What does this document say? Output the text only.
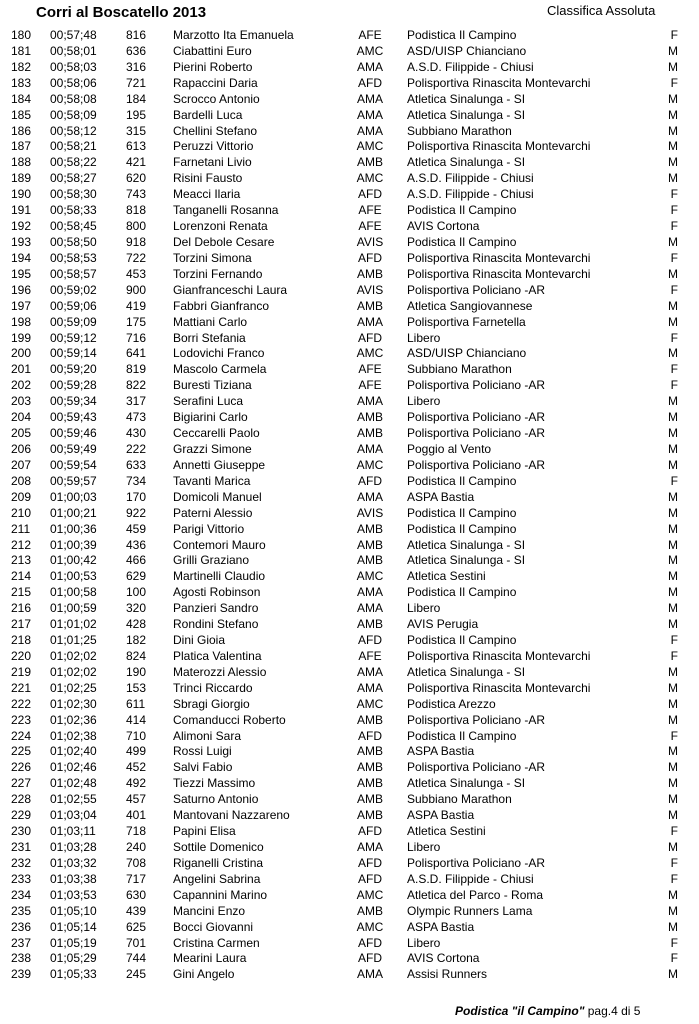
Corri al Boscatello 2013	Classifica Assoluta
180 00;57;48 816 Marzotto Ita Emanuela	AFE	Podistica Il Campino	F
181 00;58;01 636 Ciabattini Euro	AMC	ASD/UISP Chianciano	M
182 00;58;03 316 Pierini Roberto	AMA	A.S.D. Filippide - Chiusi	M
183 00;58;06 721 Rapaccini Daria	AFD	Polisportiva Rinascita Montevarchi	F
184 00;58;08 184 Scrocco Antonio	AMA	Atletica Sinalunga - SI	M
185 00;58;09 195 Bardelli Luca	AMA	Atletica Sinalunga - SI	M
186 00;58;12 315 Chellini Stefano	AMA	Subbiano Marathon	M
187 00;58;21 613 Peruzzi Vittorio	AMC	Polisportiva Rinascita Montevarchi	M
188 00;58;22 421 Farnetani Livio	AMB	Atletica Sinalunga - SI	M
189 00;58;27 620 Risini Fausto	AMC	A.S.D. Filippide - Chiusi	M
190 00;58;30 743 Meacci Ilaria	AFD	A.S.D. Filippide - Chiusi	F
191 00;58;33 818 Tanganelli Rosanna	AFE	Podistica Il Campino	F
192 00;58;45 800 Lorenzoni Renata	AFE	AVIS Cortona	F
193 00;58;50 918 Del Debole Cesare	AVIS	Podistica Il Campino	M
194 00;58;53 722 Torzini Simona	AFD	Polisportiva Rinascita Montevarchi	F
195 00;58;57 453 Torzini Fernando	AMB	Polisportiva Rinascita Montevarchi	M
196 00;59;02 900 Gianfranceschi Laura	AVIS	Polisportiva Policiano -AR	F
197 00;59;06 419 Fabbri Gianfranco	AMB	Atletica Sangiovannese	M
198 00;59;09 175 Mattiani Carlo	AMA	Polisportiva Farnetella	M
199 00;59;12 716 Borri Stefania	AFD	Libero	F
200 00;59;14 641 Lodovichi Franco	AMC	ASD/UISP Chianciano	M
201 00;59;20 819 Mascolo Carmela	AFE	Subbiano Marathon	F
202 00;59;28 822 Buresti Tiziana	AFE	Polisportiva Policiano -AR	F
203 00;59;34 317 Serafini Luca	AMA	Libero	M
204 00;59;43 473 Bigiarini Carlo	AMB	Polisportiva Policiano -AR	M
205 00;59;46 430 Ceccarelli Paolo	AMB	Polisportiva Policiano -AR	M
206 00;59;49 222 Grazzi Simone	AMA	Poggio al Vento	M
207 00;59;54 633 Annetti Giuseppe	AMC	Polisportiva Policiano -AR	M
208 00;59;57 734 Tavanti Marica	AFD	Podistica Il Campino	F
209 01;00;03 170 Domicoli Manuel	AMA	ASPA Bastia	M
210 01;00;21 922 Paterni Alessio	AVIS	Podistica Il Campino	M
211 01;00;36 459 Parigi Vittorio	AMB	Podistica Il Campino	M
212 01;00;39 436 Contemori Mauro	AMB	Atletica Sinalunga - SI	M
213 01;00;42 466 Grilli Graziano	AMB	Atletica Sinalunga - SI	M
214 01;00;53 629 Martinelli Claudio	AMC	Atletica Sestini	M
215 01;00;58 100 Agosti Robinson	AMA	Podistica Il Campino	M
216 01;00;59 320 Panzieri Sandro	AMA	Libero	M
217 01;01;02 428 Rondini Stefano	AMB	AVIS Perugia	M
218 01;01;25 182 Dini Gioia	AFD	Podistica Il Campino	F
220 01;02;02 824 Platica Valentina	AFE	Polisportiva Rinascita Montevarchi	F
219 01;02;02 190 Materozzi Alessio	AMA	Atletica Sinalunga - SI	M
221 01;02;25 153 Trinci Riccardo	AMA	Polisportiva Rinascita Montevarchi	M
222 01;02;30 611 Sbragi Giorgio	AMC	Podistica Arezzo	M
223 01;02;36 414 Comanducci Roberto	AMB	Polisportiva Policiano -AR	M
224 01;02;38 710 Alimoni Sara	AFD	Podistica Il Campino	F
225 01;02;40 499 Rossi Luigi	AMB	ASPA Bastia	M
226 01;02;46 452 Salvi Fabio	AMB	Polisportiva Policiano -AR	M
227 01;02;48 492 Tiezzi Massimo	AMB	Atletica Sinalunga - SI	M
228 01;02;55 457 Saturno Antonio	AMB	Subbiano Marathon	M
229 01;03;04 401 Mantovani Nazzareno	AMB	ASPA Bastia	M
230 01;03;11	718 Papini Elisa	AFD	Atletica Sestini	F
231 01;03;28 240 Sottile Domenico	AMA	Libero	M
232 01;03;32 708 Riganelli Cristina	AFD	Polisportiva Policiano -AR	F
233 01;03;38 717 Angelini Sabrina	AFD	A.S.D. Filippide - Chiusi	F
234 01;03;53 630 Capannini Marino	AMC	Atletica del Parco - Roma	M
235 01;05;10 439 Mancini Enzo	AMB	Olympic Runners Lama	M
236 01;05;14 625 Bocci Giovanni	AMC	ASPA Bastia	M
237 01;05;19 701 Cristina Carmen	AFD	Libero	F
238 01;05;29 744 Mearini Laura	AFD	AVIS Cortona	F
239 01;05;33 245 Gini Angelo	AMA	Assisi Runners	M
Podistica "il Campino" pag.4 di 5
